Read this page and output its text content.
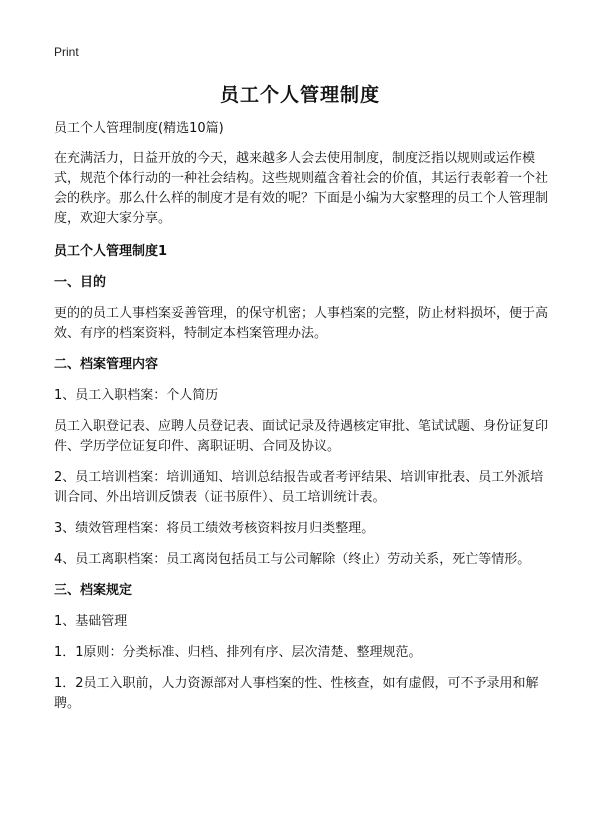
Print
员工个人管理制度

员工个人管理制度(精选10篇)

在充满活力，日益开放的今天，越来越多人会去使用制度，制度泛指以规则或运作模式，规范个体行动的一种社会结构。这些规则蕴含着社会的价值，其运行表彰着一个社会的秩序。那么什么样的制度才是有效的呢？下面是小编为大家整理的员工个人管理制度，欢迎大家分享。

员工个人管理制度1

一、目的

更的的员工人事档案妥善管理，的保守机密；人事档案的完整，防止材料损坏，便于高效、有序的档案资料，特制定本档案管理办法。

二、档案管理内容

1、员工入职档案：个人简历

员工入职登记表、应聘人员登记表、面试记录及待遇核定审批、笔试试题、身份证复印件、学历学位证复印件、离职证明、合同及协议。

2、员工培训档案：培训通知、培训总结报告或者考评结果、培训审批表、员工外派培训合同、外出培训反馈表（证书原件）、员工培训统计表。

3、绩效管理档案：将员工绩效考核资料按月归类整理。

4、员工离职档案：员工离岗包括员工与公司解除（终止）劳动关系，死亡等情形。

三、档案规定

1、基础管理

1．1原则：分类标准、归档、排列有序、层次清楚、整理规范。

1．2员工入职前，人力资源部对人事档案的性、性核查，如有虚假，可不予录用和解聘。
